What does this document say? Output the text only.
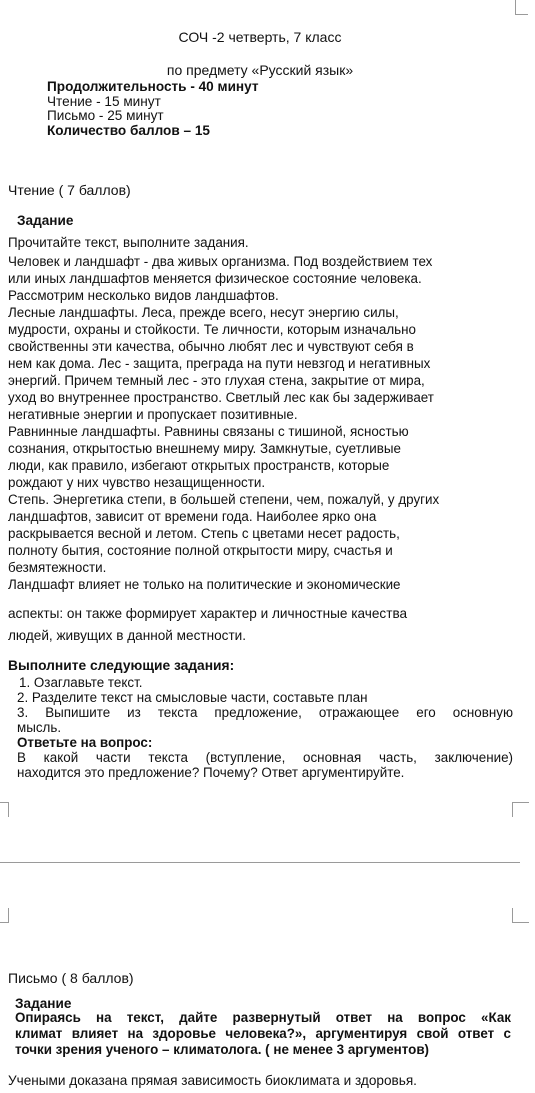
СОЧ -2 четверть, 7 класс
по предмету «Русский язык»
Продолжительность - 40 минут
Чтение - 15 минут
Письмо - 25 минут
Количество баллов – 15
Чтение ( 7 баллов)
Задание
Прочитайте текст, выполните задания.
Человек и ландшафт - два живых организма. Под воздействием тех
или иных ландшафтов меняется физическое состояние человека.
Рассмотрим несколько видов ландшафтов.
Лесные ландшафты. Леса, прежде всего, несут энергию силы,
мудрости, охраны и стойкости. Те личности, которым изначально
свойственны эти качества, обычно любят лес и чувствуют себя в
нем как дома. Лес - защита, преграда на пути невзгод и негативных
энергий. Причем темный лес - это глухая стена, закрытие от мира,
уход во внутреннее пространство. Светлый лес как бы задерживает
негативные энергии и пропускает позитивные.
Равнинные ландшафты. Равнины связаны с тишиной, ясностью
сознания, открытостью внешнему миру. Замкнутые, суетливые
люди, как правило, избегают открытых пространств, которые
рождают у них чувство незащищенности.
Степь. Энергетика степи, в большей степени, чем, пожалуй, у других
ландшафтов, зависит от времени года. Наиболее ярко она
раскрывается весной и летом. Степь с цветами несет радость,
полноту бытия, состояние полной открытости миру, счастья и
безмятежности.
Ландшафт влияет не только на политические и экономические
аспекты: он также формирует характер и личностные качества
людей, живущих в данной местности.
Выполните следующие задания:
1. Озаглавьте текст.
2. Разделите текст на смысловые части, составьте план
3. Выпишите из текста предложение, отражающее его основную
мысль.
Ответьте на вопрос:
В какой части текста (вступление, основная часть, заключение)
находится это предложение? Почему? Ответ аргументируйте.
Письмо ( 8 баллов)
Задание
Опираясь на текст, дайте развернутый ответ на вопрос «Как
климат влияет на здоровье человека?», аргументируя свой ответ с
точки зрения ученого – климатолога. ( не менее 3 аргументов)
Учеными доказана прямая зависимость биоклимата и здоровья.
